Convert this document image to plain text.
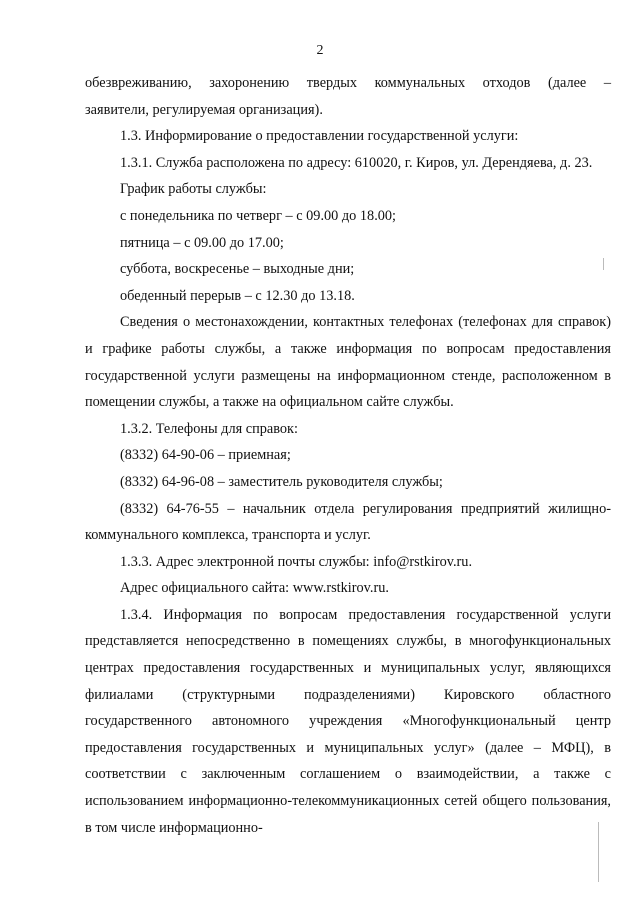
2

обезвреживанию, захоронению твердых коммунальных отходов (далее –

заявители, регулируемая организация).

1.3. Информирование о предоставлении государственной услуги:

1.3.1. Служба расположена по адресу: 610020, г. Киров, ул. Дерендяева, д. 23.

График работы службы:

с понедельника по четверг – с 09.00 до 18.00;

пятница – с 09.00 до 17.00;

суббота, воскресенье – выходные дни;

обеденный перерыв – с 12.30 до 13.18.

Сведения о местонахождении, контактных телефонах (телефонах для справок) и графике работы службы, а также информация по вопросам предоставления государственной услуги размещены на информационном стенде, расположенном в помещении службы, а также на официальном сайте службы.

1.3.2. Телефоны для справок:

(8332) 64-90-06 – приемная;

(8332) 64-96-08 – заместитель руководителя службы;

(8332) 64-76-55 – начальник отдела регулирования предприятий жилищно-коммунального комплекса, транспорта и услуг.

1.3.3. Адрес электронной почты службы: info@rstkirov.ru.

Адрес официального сайта: www.rstkirov.ru.

1.3.4. Информация по вопросам предоставления государственной услуги представляется непосредственно в помещениях службы, в многофункциональных центрах предоставления государственных и муниципальных услуг, являющихся филиалами (структурными подразделениями) Кировского областного государственного автономного учреждения «Многофункциональный центр предоставления государственных и муниципальных услуг» (далее – МФЦ), в соответствии с заключенным соглашением о взаимодействии, а также с использованием информационно-телекоммуникационных сетей общего пользования, в том числе информационно-
